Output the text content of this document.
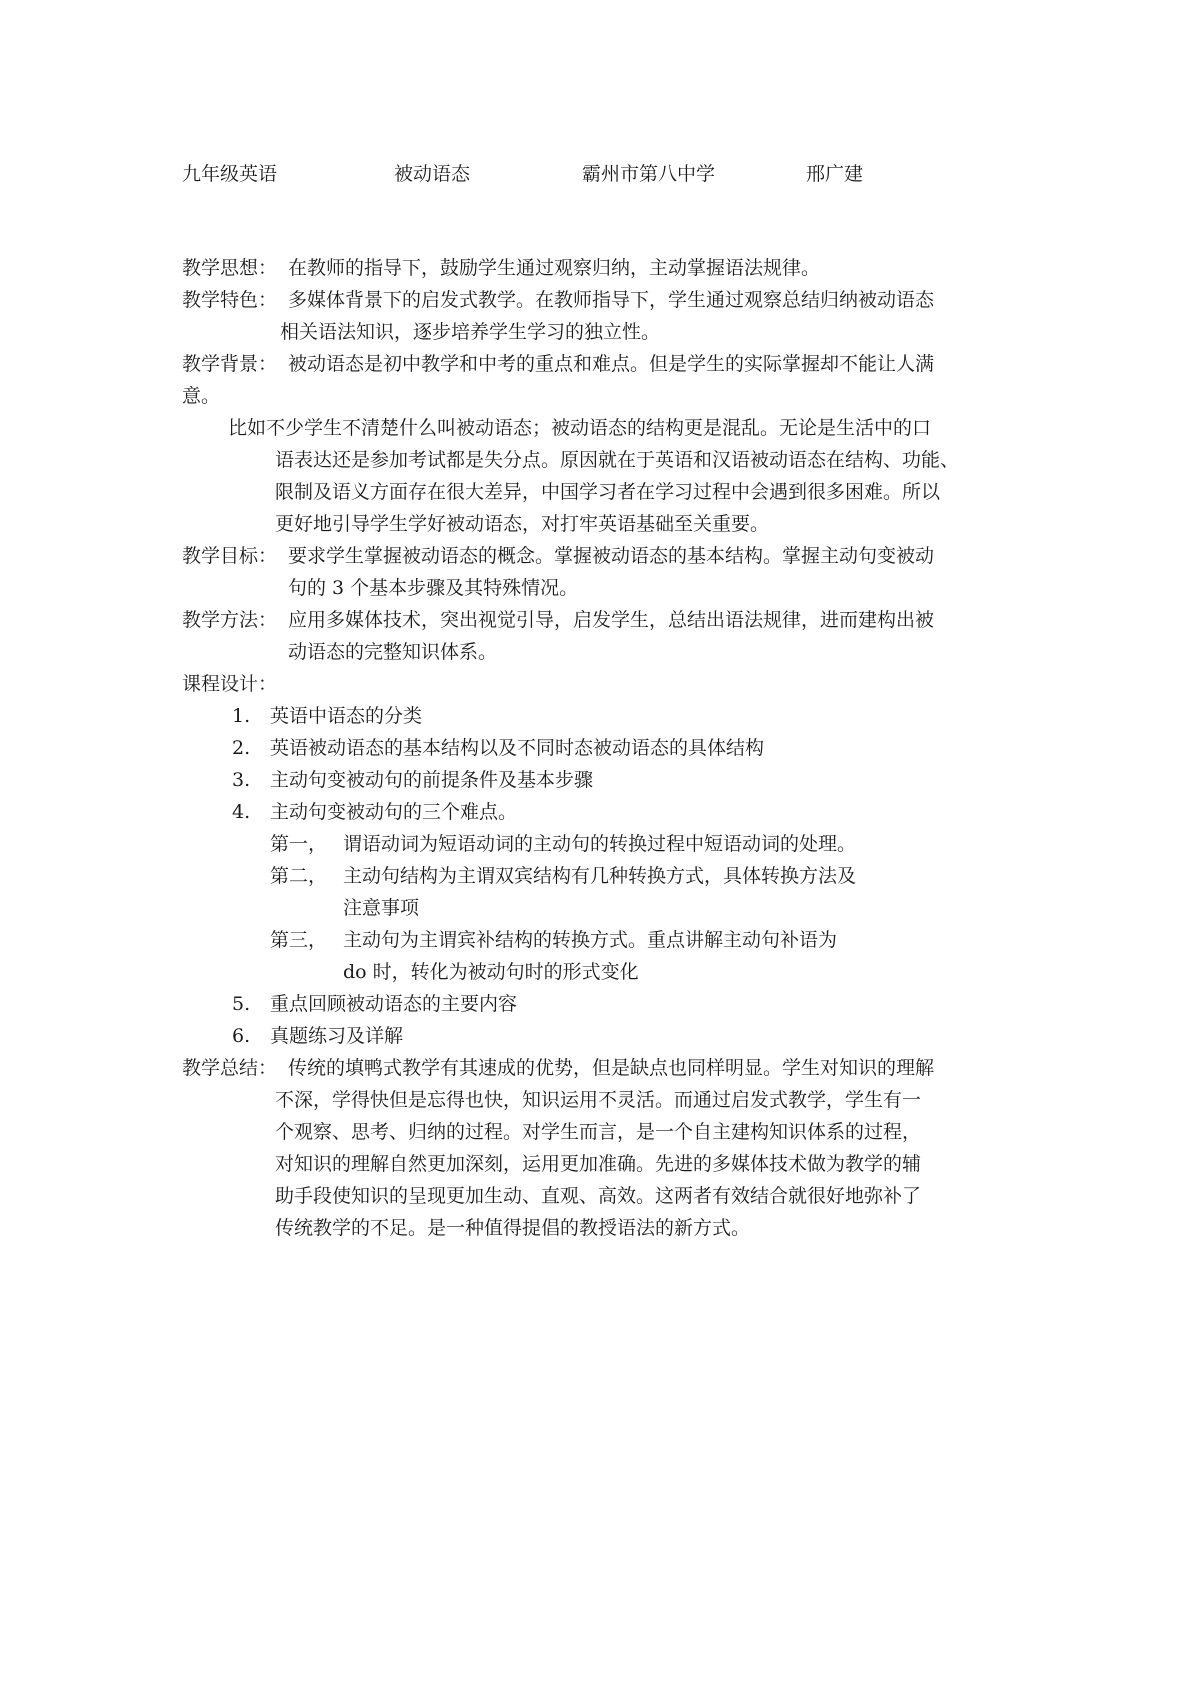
九年级英语	被动语态	霸州市第八中学	邢广建
教学思想： 在教师的指导下，鼓励学生通过观察归纳，主动掌握语法规律。
教学特色： 多媒体背景下的启发式教学。在教师指导下，学生通过观察总结归纳被动语态
相关语法知识，逐步培养学生学习的独立性。
教学背景： 被动语态是初中教学和中考的重点和难点。但是学生的实际掌握却不能让人满
意。
比如不少学生不清楚什么叫被动语态；被动语态的结构更是混乱。无论是生活中的口
语表达还是参加考试都是失分点。原因就在于英语和汉语被动语态在结构、功能、
限制及语义方面存在很大差异，中国学习者在学习过程中会遇到很多困难。所以
更好地引导学生学好被动语态，对打牢英语基础至关重要。
教学目标： 要求学生掌握被动语态的概念。掌握被动语态的基本结构。掌握主动句变被动
句的 3 个基本步骤及其特殊情况。
教学方法： 应用多媒体技术，突出视觉引导，启发学生，总结出语法规律，进而建构出被
动语态的完整知识体系。
课程设计：
1. 英语中语态的分类
2. 英语被动语态的基本结构以及不同时态被动语态的具体结构
3. 主动句变被动句的前提条件及基本步骤
4. 主动句变被动句的三个难点。
第一， 谓语动词为短语动词的主动句的转换过程中短语动词的处理。
第二， 主动句结构为主谓双宾结构有几种转换方式，具体转换方法及
注意事项
第三， 主动句为主谓宾补结构的转换方式。重点讲解主动句补语为
do 时，转化为被动句时的形式变化
5. 重点回顾被动语态的主要内容
6. 真题练习及详解
教学总结： 传统的填鸭式教学有其速成的优势，但是缺点也同样明显。学生对知识的理解
不深，学得快但是忘得也快，知识运用不灵活。而通过启发式教学，学生有一
个观察、思考、归纳的过程。对学生而言，是一个自主建构知识体系的过程，
对知识的理解自然更加深刻，运用更加准确。先进的多媒体技术做为教学的辅
助手段使知识的呈现更加生动、直观、高效。这两者有效结合就很好地弥补了
传统教学的不足。是一种值得提倡的教授语法的新方式。
